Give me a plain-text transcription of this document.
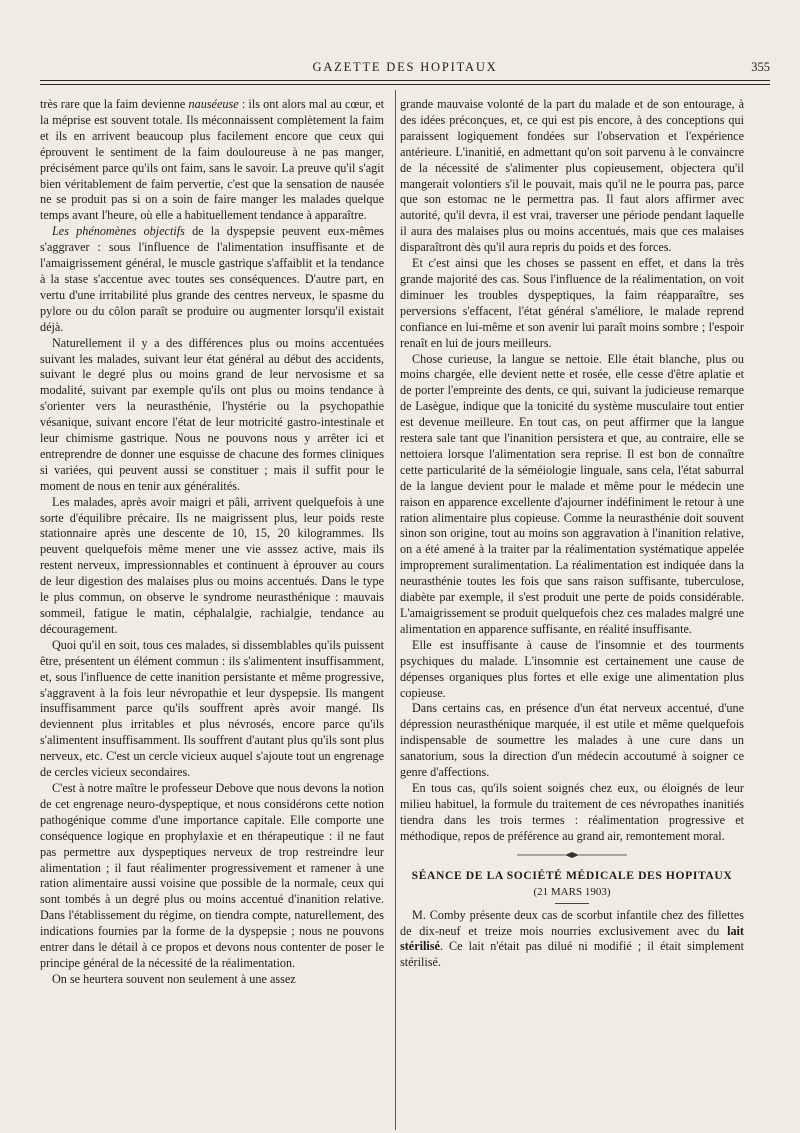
GAZETTE DES HOPITAUX	355

très rare que la faim devienne nauséeuse : ils ont alors mal au cœur, et la méprise est souvent totale. Ils méconnaissent complètement la faim et ils en arrivent beaucoup plus facilement encore que ceux qui éprouvent le sentiment de la faim douloureuse à ne pas manger, précisément parce qu'ils ont faim, sans le savoir. La preuve qu'il s'agit bien véritablement de faim pervertie, c'est que la sensation de nausée ne se produit pas si on a soin de faire manger les malades quelque temps avant l'heure, où elle a habituellement tendance à apparaître.

Les phénomènes objectifs de la dyspepsie peuvent eux-mêmes s'aggraver : sous l'influence de l'alimentation insuffisante et de l'amaigrissement général, le muscle gastrique s'affaiblit et la tendance à la stase s'accentue avec toutes ses conséquences. D'autre part, en vertu d'une irritabilité plus grande des centres nerveux, le spasme du pylore ou du côlon paraît se produire ou augmenter lorsqu'il existait déjà.

Naturellement il y a des différences plus ou moins accentuées suivant les malades, suivant leur état général au début des accidents, suivant le degré plus ou moins grand de leur nervosisme et sa modalité, suivant par exemple qu'ils ont plus ou moins tendance à s'orienter vers la neurasthénie, l'hystérie ou la psychopathie vésanique, suivant encore l'état de leur motricité gastro-intestinale et leur chimisme gastrique. Nous ne pouvons nous y arrêter ici et entreprendre de donner une esquisse de chacune des formes cliniques si variées, qui peuvent aussi se constituer ; mais il suffit pour le moment de nous en tenir aux généralités.

Les malades, après avoir maigri et pâli, arrivent quelquefois à une sorte d'équilibre précaire. Ils ne maigrissent plus, leur poids reste stationnaire après une descente de 10, 15, 20 kilogrammes. Ils peuvent quelquefois même mener une vie asssez active, mais ils restent nerveux, impressionnables et continuent à éprouver au cours de leur digestion des malaises plus ou moins accentués. Dans le type le plus commun, on observe le syndrome neurasthénique : mauvais sommeil, fatigue le matin, céphalalgie, rachialgie, tendance au découragement.

Quoi qu'il en soit, tous ces malades, si dissemblables qu'ils puissent être, présentent un élément commun : ils s'alimentent insuffisamment, et, sous l'influence de cette inanition persistante et même progressive, s'aggravent à la fois leur névropathie et leur dyspepsie. Ils mangent insuffisamment parce qu'ils souffrent après avoir mangé. Ils deviennent plus irritables et plus névrosés, encore parce qu'ils s'alimentent insuffisamment. Ils souffrent d'autant plus qu'ils sont plus nerveux, etc. C'est un cercle vicieux auquel s'ajoute tout un engrenage de cercles vicieux secondaires.

C'est à notre maître le professeur Debove que nous devons la notion de cet engrenage neuro-dyspeptique, et nous considérons cette notion pathogénique comme d'une importance capitale. Elle comporte une conséquence logique en prophylaxie et en thérapeutique : il ne faut pas permettre aux dyspeptiques nerveux de trop restreindre leur alimentation ; il faut réalimenter progressivement et ramener à une ration alimentaire aussi voisine que possible de la normale, ceux qui sont tombés à un degré plus ou moins accentué d'inanition relative. Dans l'établissement du régime, on tiendra compte, naturellement, des indications fournies par la forme de la dyspepsie ; nous ne pouvons entrer dans le détail à ce propos et devons nous contenter de poser le principe général de la nécessité de la réalimentation.

On se heurtera souvent non seulement à une assez

grande mauvaise volonté de la part du malade et de son entourage, à des idées préconçues, et, ce qui est pis encore, à des conceptions qui paraissent logiquement fondées sur l'observation et l'expérience antérieure. L'inanitié, en admettant qu'on soit parvenu à le convaincre de la nécessité de s'alimenter plus copieusement, objectera qu'il mangerait volontiers s'il le pouvait, mais qu'il ne le pourra pas, parce que son estomac ne le permettra pas. Il faut alors affirmer avec autorité, qu'il devra, il est vrai, traverser une période pendant laquelle il aura des malaises plus ou moins accentués, mais que ces malaises disparaîtront dès qu'il aura repris du poids et des forces.

Et c'est ainsi que les choses se passent en effet, et dans la très grande majorité des cas. Sous l'influence de la réalimentation, on voit diminuer les troubles dyspeptiques, la faim réapparaître, ses perversions s'effacent, l'état général s'améliore, le malade reprend confiance en lui-même et son avenir lui paraît moins sombre ; l'espoir renaît en lui de jours meilleurs.

Chose curieuse, la langue se nettoie. Elle était blanche, plus ou moins chargée, elle devient nette et rosée, elle cesse d'être aplatie et de porter l'empreinte des dents, ce qui, suivant la judicieuse remarque de Lasègue, indique que la tonicité du système musculaire tout entier est devenue meilleure. En tout cas, on peut affirmer que la langue restera sale tant que l'inanition persistera et que, au contraire, elle se nettoiera lorsque l'alimentation sera reprise. Il est bon de connaître cette particularité de la séméiologie linguale, sans cela, l'état saburral de la langue devient pour le malade et même pour le médecin une raison en apparence excellente d'ajourner indéfiniment le retour à une ration alimentaire plus copieuse. Comme la neurasthénie doit souvent sinon son origine, tout au moins son aggravation à l'inanition relative, on a été amené à la traiter par la réalimentation systématique appelée improprement suralimentation. La réalimentation est indiquée dans la neurasthénie toutes les fois que sans raison suffisante, tuberculose, diabète par exemple, il s'est produit une perte de poids considérable. L'amaigrissement se produit quelquefois chez ces malades malgré une alimentation en apparence suffisante, en réalité insuffisante.

Elle est insuffisante à cause de l'insomnie et des tourments psychiques du malade. L'insomnie est certainement une cause de dépenses organiques plus fortes et elle exige une alimentation plus copieuse.

Dans certains cas, en présence d'un état nerveux accentué, d'une dépression neurasthénique marquée, il est utile et même quelquefois indispensable de soumettre les malades à une cure dans un sanatorium, sous la direction d'un médecin accoutumé à soigner ce genre d'affections.

En tous cas, qu'ils soient soignés chez eux, ou éloignés de leur milieu habituel, la formule du traitement de ces névropathes inanitiés tiendra dans les trois termes : réalimentation progressive et méthodique, repos de préférence au grand air, remontement moral.

SÉANCE DE LA SOCIÉTÉ MÉDICALE DES HOPITAUX
(21 MARS 1903)

M. Comby présente deux cas de scorbut infantile chez des fillettes de dix-neuf et treize mois nourries exclusivement avec du lait stérilisé. Ce lait n'était pas dilué ni modifié ; il était simplement stérilisé.
